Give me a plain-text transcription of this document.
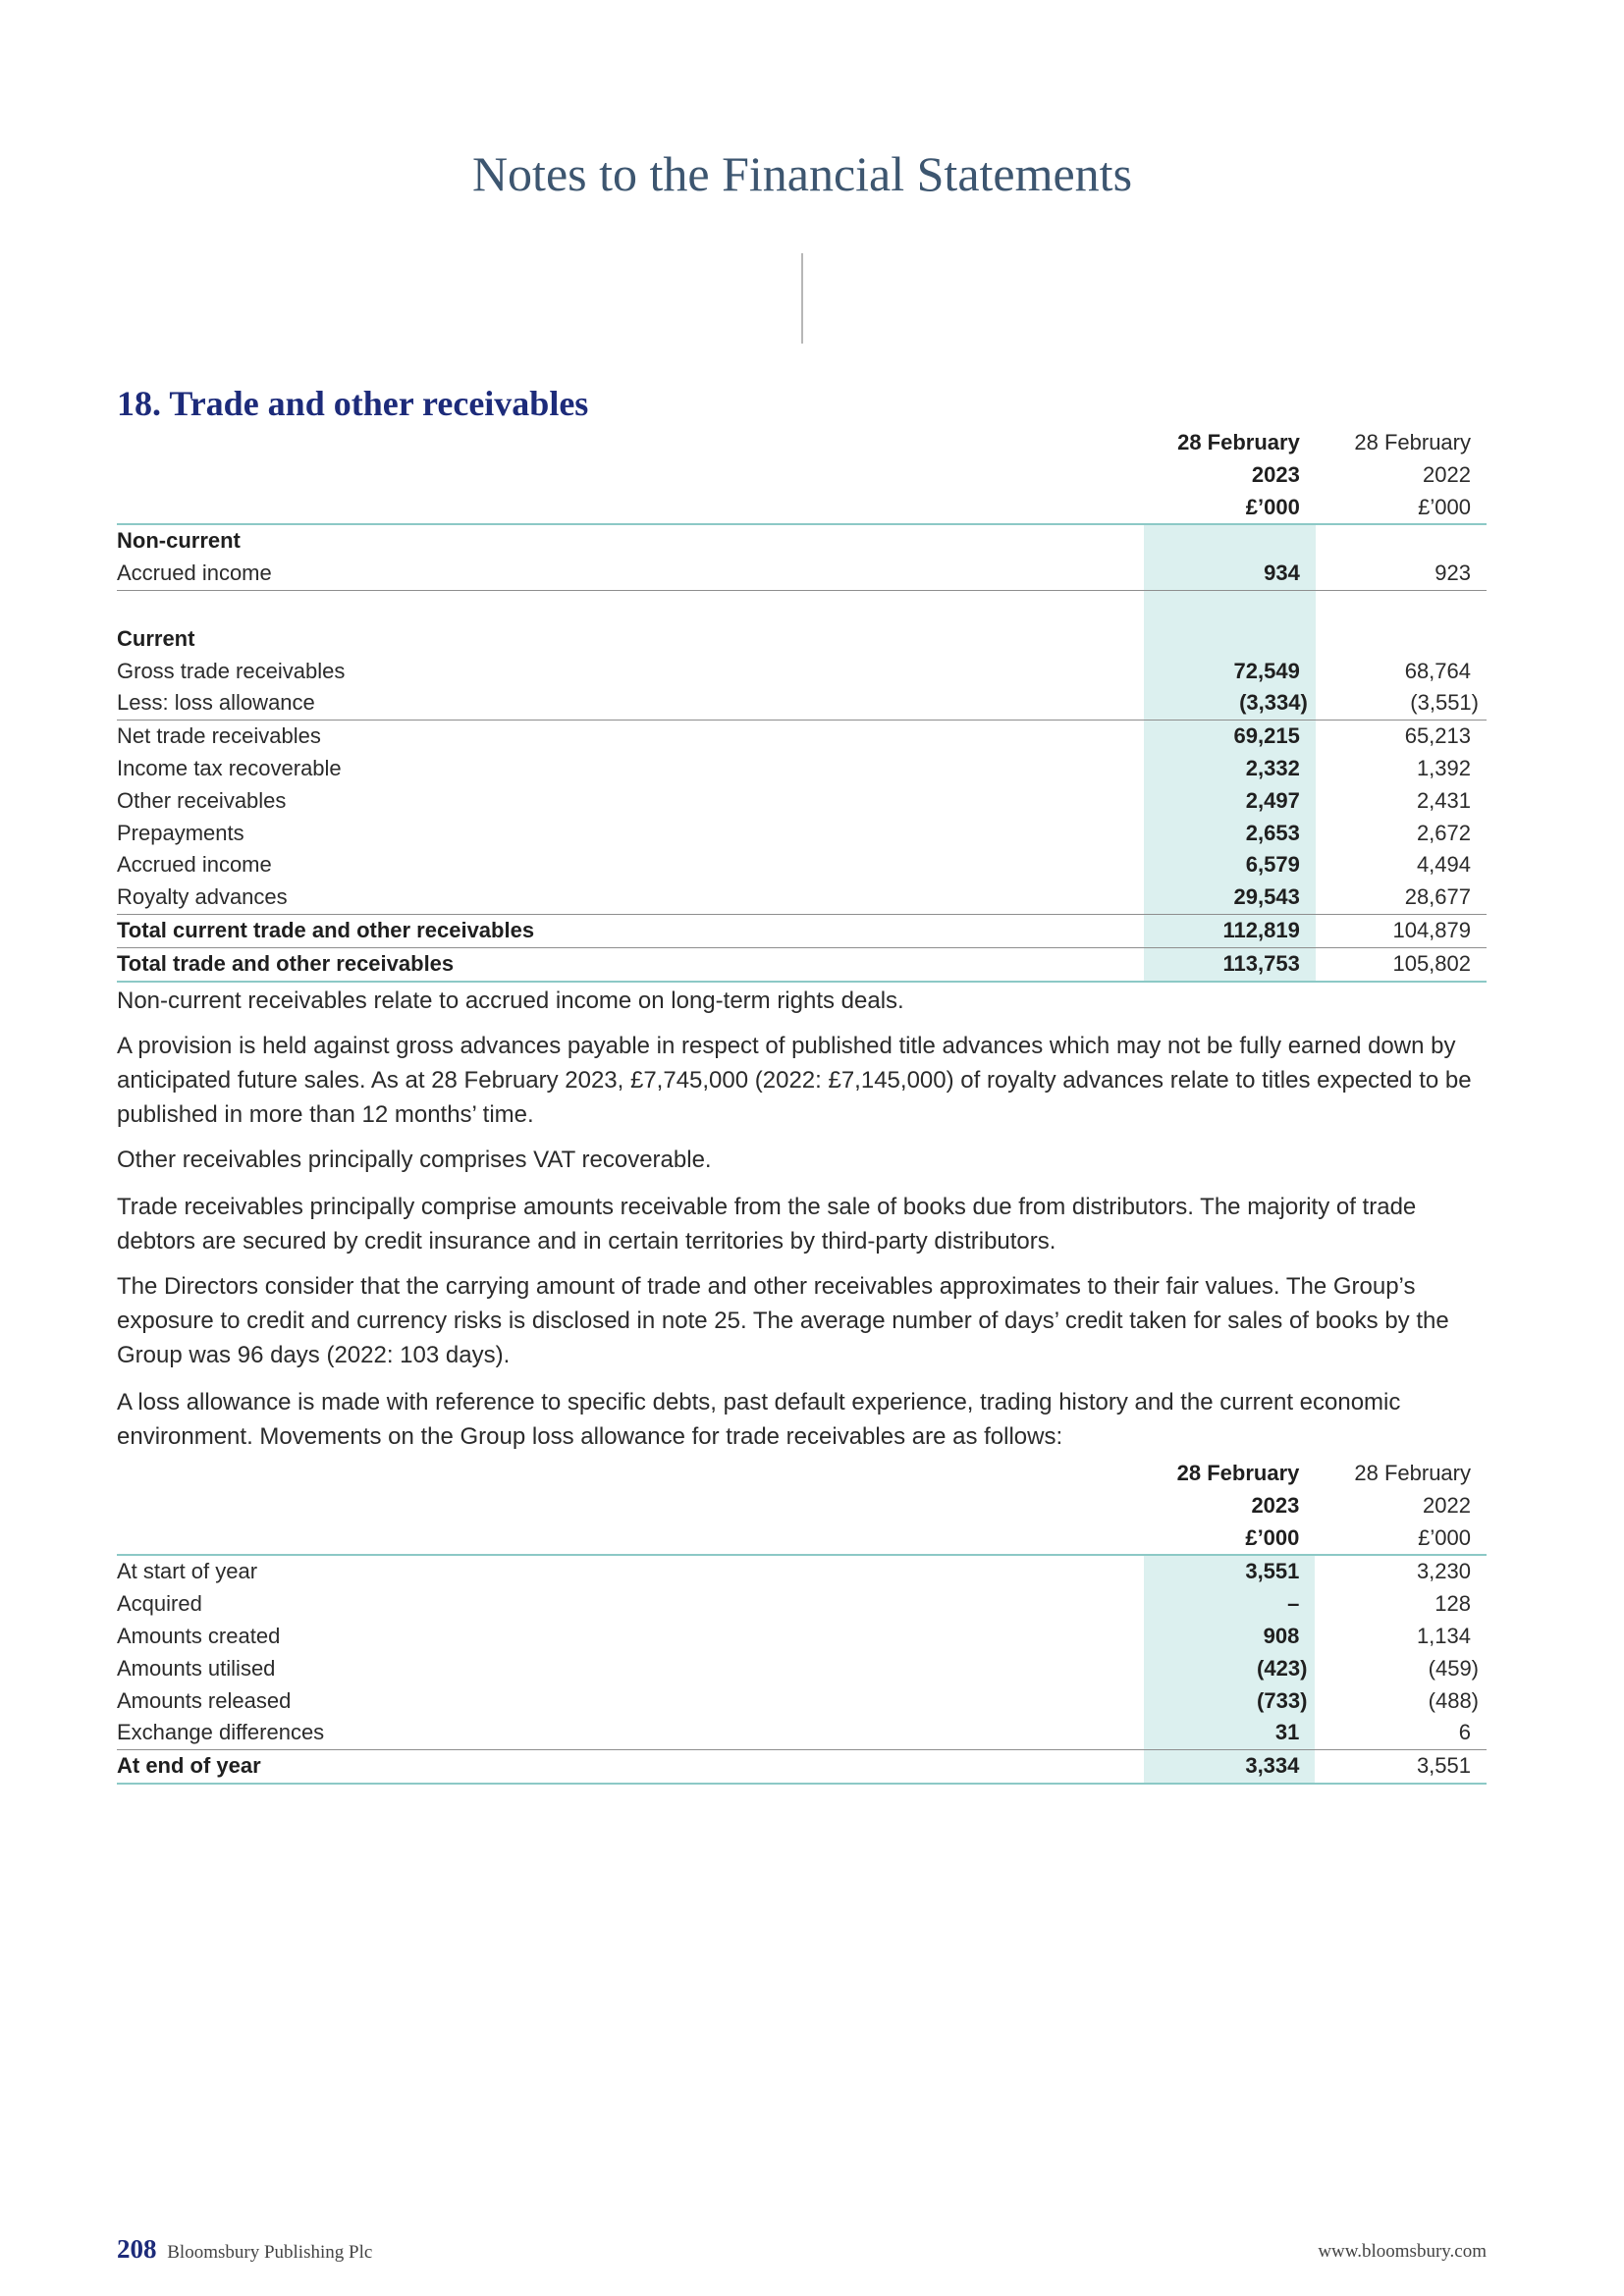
Notes to the Financial Statements
18. Trade and other receivables
	28 February	28 February
	2023	2022
	£’000	£’000
Non-current		
Accrued income	934	923

Current		
Gross trade receivables	72,549	68,764
Less: loss allowance	(3,334)	(3,551)
Net trade receivables	69,215	65,213
Income tax recoverable	2,332	1,392
Other receivables	2,497	2,431
Prepayments	2,653	2,672
Accrued income	6,579	4,494
Royalty advances	29,543	28,677
Total current trade and other receivables	112,819	104,879
Total trade and other receivables	113,753	105,802

Non-current receivables relate to accrued income on long-term rights deals.

A provision is held against gross advances payable in respect of published title advances which may not be fully earned down by anticipated future sales. As at 28 February 2023, £7,745,000 (2022: £7,145,000) of royalty advances relate to titles expected to be published in more than 12 months’ time.

Other receivables principally comprises VAT recoverable.

Trade receivables principally comprise amounts receivable from the sale of books due from distributors. The majority of trade debtors are secured by credit insurance and in certain territories by third-party distributors.

The Directors consider that the carrying amount of trade and other receivables approximates to their fair values. The Group’s exposure to credit and currency risks is disclosed in note 25. The average number of days’ credit taken for sales of books by the Group was 96 days (2022: 103 days).

A loss allowance is made with reference to specific debts, past default experience, trading history and the current economic environment. Movements on the Group loss allowance for trade receivables are as follows:

	28 February	28 February
	2023	2022
	£’000	£’000
At start of year	3,551	3,230
Acquired	–	128
Amounts created	908	1,134
Amounts utilised	(423)	(459)
Amounts released	(733)	(488)
Exchange differences	31	6
At end of year	3,334	3,551
208 Bloomsbury Publishing Plc	www.bloomsbury.com
